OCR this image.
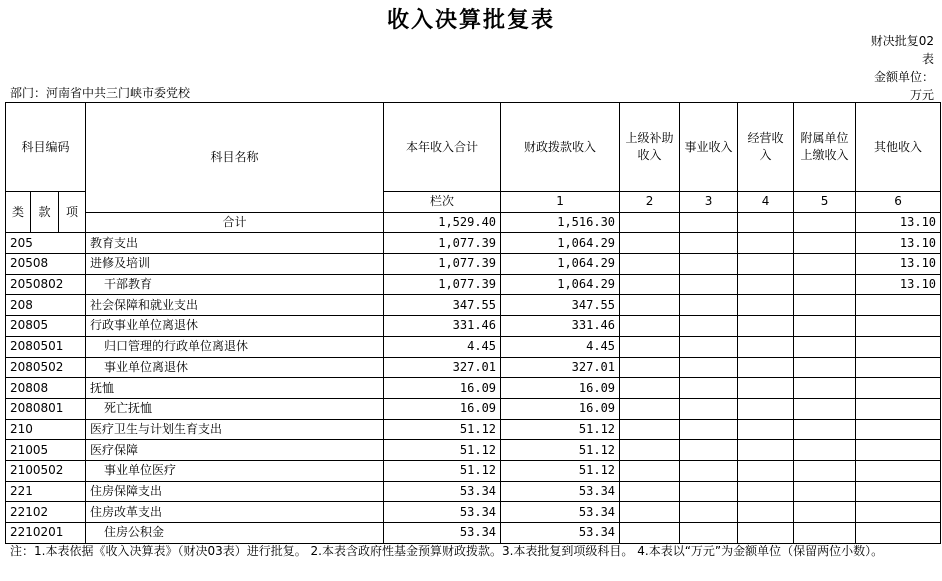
收入决算批复表
财决批复02
表
金额单位：
万元
部门：河南省中共三门峡市委党校
科目编码			科目名称	本年收入合计	财政拨款收入	上级补助收入	事业收入	经营收入	附属单位上缴收入	其他收入	
类	款	项		栏次	1	2	3	4	5	6	
			合计	1,529.40	1,516.30					13.10	
205			教育支出	1,077.39	1,064.29					13.10	
20508			进修及培训	1,077.39	1,064.29					13.10	
2050802			干部教育	1,077.39	1,064.29					13.10	
208			社会保障和就业支出	347.55	347.55						
20805			行政事业单位离退休	331.46	331.46						
2080501			归口管理的行政单位离退休	4.45	4.45						
2080502			事业单位离退休	327.01	327.01						
20808			抚恤	16.09	16.09						
2080801			死亡抚恤	16.09	16.09						
210			医疗卫生与计划生育支出	51.12	51.12						
21005			医疗保障	51.12	51.12						
2100502			事业单位医疗	51.12	51.12						
221			住房保障支出	53.34	53.34						
22102			住房改革支出	53.34	53.34						
2210201			住房公积金	53.34	53.34						
注：1.本表依据《收入决算表》（财决03表）进行批复。 2.本表含政府性基金预算财政拨款。3.本表批复到项级科目。 4.本表以“万元”为金额单位（保留两位小数）。
